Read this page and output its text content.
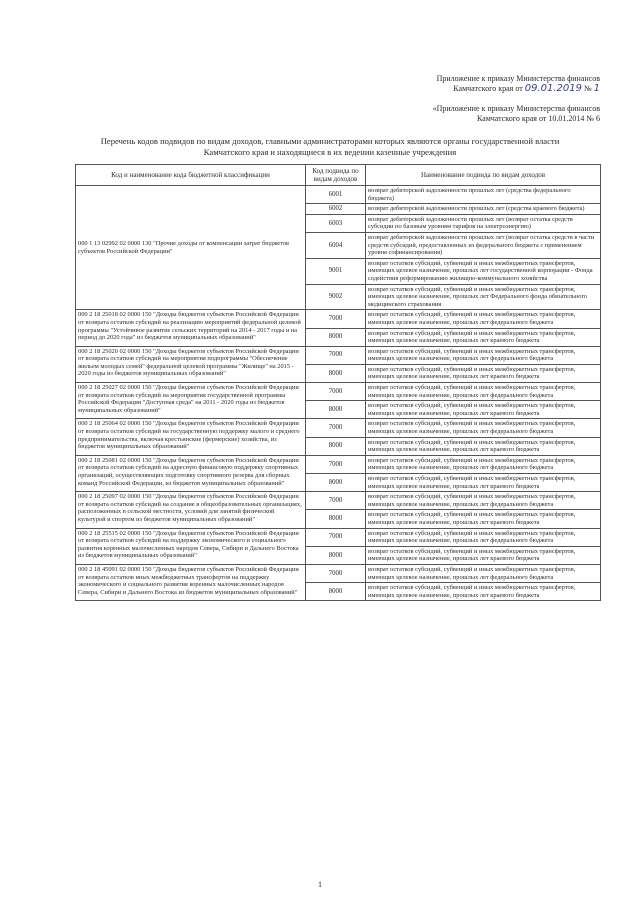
Приложение к приказу Министерства финансов
Камчатского края от 09.01.2019 № 1
«Приложение к приказу Министерства финансов
Камчатского края от 10.01.2014 № 6
Перечень кодов подвидов по видам доходов, главными администраторами которых являются органы государственной власти
Камчатского края и находящиеся в их ведении казенные учреждения
Код и наименование кода бюджетной классификации	Код подвида по видам доходов	Наименование подвида по видам доходов
000 1 13 02992 02 0000 130 "Прочие доходы от компенсации затрат бюджетов субъектов Российской Федерации"	6001	возврат дебиторской задолженности прошлых лет (средства федерального бюджета)
	6002	возврат дебиторской задолженности прошлых лет (средства краевого бюджета)
	6003	возврат дебиторской задолженности прошлых лет (возврат остатка средств субсидии по базовым уровням тарифов на электроэнергию)
	6004	возврат дебиторской задолженности прошлых лет (возврат остатка средств в части средств субсидий, предоставленных из федерального бюджета с применением уровня софинансирования)
	9001	возврат остатков субсидий, субвенций и иных межбюджетных трансфертов, имеющих целевое назначение, прошлых лет государственной корпорации - Фонда содействия реформированию жилищно-коммунального хозяйства
	9002	возврат остатков субсидий, субвенций и иных межбюджетных трансфертов, имеющих целевое назначение, прошлых лет Федерального фонда обязательного медицинского страхования
000 2 18 25018 02 0000 150 "Доходы бюджетов субъектов Российской Федерации от возврата остатков субсидий на реализацию мероприятий федеральной целевой программы "Устойчивое развитие сельских территорий на 2014 - 2017 годы и на период до 2020 года" из бюджетов муниципальных образований"	7000	возврат остатков субсидий, субвенций и иных межбюджетных трансфертов, имеющих целевое назначение, прошлых лет федерального бюджета
	8000	возврат остатков субсидий, субвенций и иных межбюджетных трансфертов, имеющих целевое назначение, прошлых лет краевого бюджета
000 2 18 25020 02 0000 150 "Доходы бюджетов субъектов Российской Федерации от возврата остатков субсидий на мероприятия подпрограммы "Обеспечение жильем молодых семей" федеральной целевой программы "Жилище" на 2015 - 2020 годы из бюджетов муниципальных образований"	7000	возврат остатков субсидий, субвенций и иных межбюджетных трансфертов, имеющих целевое назначение, прошлых лет федерального бюджета
	8000	возврат остатков субсидий, субвенций и иных межбюджетных трансфертов, имеющих целевое назначение, прошлых лет краевого бюджета
000 2 18 25027 02 0000 150 "Доходы бюджетов субъектов Российской Федерации от возврата остатков субсидий на мероприятия государственной программы Российской Федерации "Доступная среда" на 2011 - 2020 годы из бюджетов муниципальных образований"	7000	возврат остатков субсидий, субвенций и иных межбюджетных трансфертов, имеющих целевое назначение, прошлых лет федерального бюджета
	8000	возврат остатков субсидий, субвенций и иных межбюджетных трансфертов, имеющих целевое назначение, прошлых лет краевого бюджета
000 2 18 25064 02 0000 150 "Доходы бюджетов субъектов Российской Федерации от возврата остатков субсидий на государственную поддержку малого и среднего предпринимательства, включая крестьянские (фермерские) хозяйства, из бюджетов муниципальных образований"	7000	возврат остатков субсидий, субвенций и иных межбюджетных трансфертов, имеющих целевое назначение, прошлых лет федерального бюджета
	8000	возврат остатков субсидий, субвенций и иных межбюджетных трансфертов, имеющих целевое назначение, прошлых лет краевого бюджета
000 2 18 25081 02 0000 150 "Доходы бюджетов субъектов Российской Федерации от возврата остатков субсидий на адресную финансовую поддержку спортивных организаций, осуществляющих подготовку спортивного резерва для сборных команд Российской Федерации, из бюджетов муниципальных образований"	7000	возврат остатков субсидий, субвенций и иных межбюджетных трансфертов, имеющих целевое назначение, прошлых лет федерального бюджета
	8000	возврат остатков субсидий, субвенций и иных межбюджетных трансфертов, имеющих целевое назначение, прошлых лет краевого бюджета
000 2 18 25097 02 0000 150 "Доходы бюджетов субъектов Российской Федерации от возврата остатков субсидий на создание в общеобразовательных организациях, расположенных в сельской местности, условий для занятий физической культурой и спортом из бюджетов муниципальных образований"	7000	возврат остатков субсидий, субвенций и иных межбюджетных трансфертов, имеющих целевое назначение, прошлых лет федерального бюджета
	8000	возврат остатков субсидий, субвенций и иных межбюджетных трансфертов, имеющих целевое назначение, прошлых лет краевого бюджета
000 2 18 25515 02 0000 150 "Доходы бюджетов субъектов Российской Федерации от возврата остатков субсидий на поддержку экономического и социального развития коренных малочисленных народов Севера, Сибири и Дальнего Востока из бюджетов муниципальных образований"	7000	возврат остатков субсидий, субвенций и иных межбюджетных трансфертов, имеющих целевое назначение, прошлых лет федерального бюджета
	8000	возврат остатков субсидий, субвенций и иных межбюджетных трансфертов, имеющих целевое назначение, прошлых лет краевого бюджета
000 2 18 45091 02 0000 150 "Доходы бюджетов субъектов Российской Федерации от возврата остатков иных межбюджетных трансфертов на поддержку экономического и социального развития коренных малочисленных народов Севера, Сибири и Дальнего Востока из бюджетов муниципальных образований"	7000	возврат остатков субсидий, субвенций и иных межбюджетных трансфертов, имеющих целевое назначение, прошлых лет федерального бюджета
	8000	возврат остатков субсидий, субвенций и иных межбюджетных трансфертов, имеющих целевое назначение, прошлых лет краевого бюджета
1
